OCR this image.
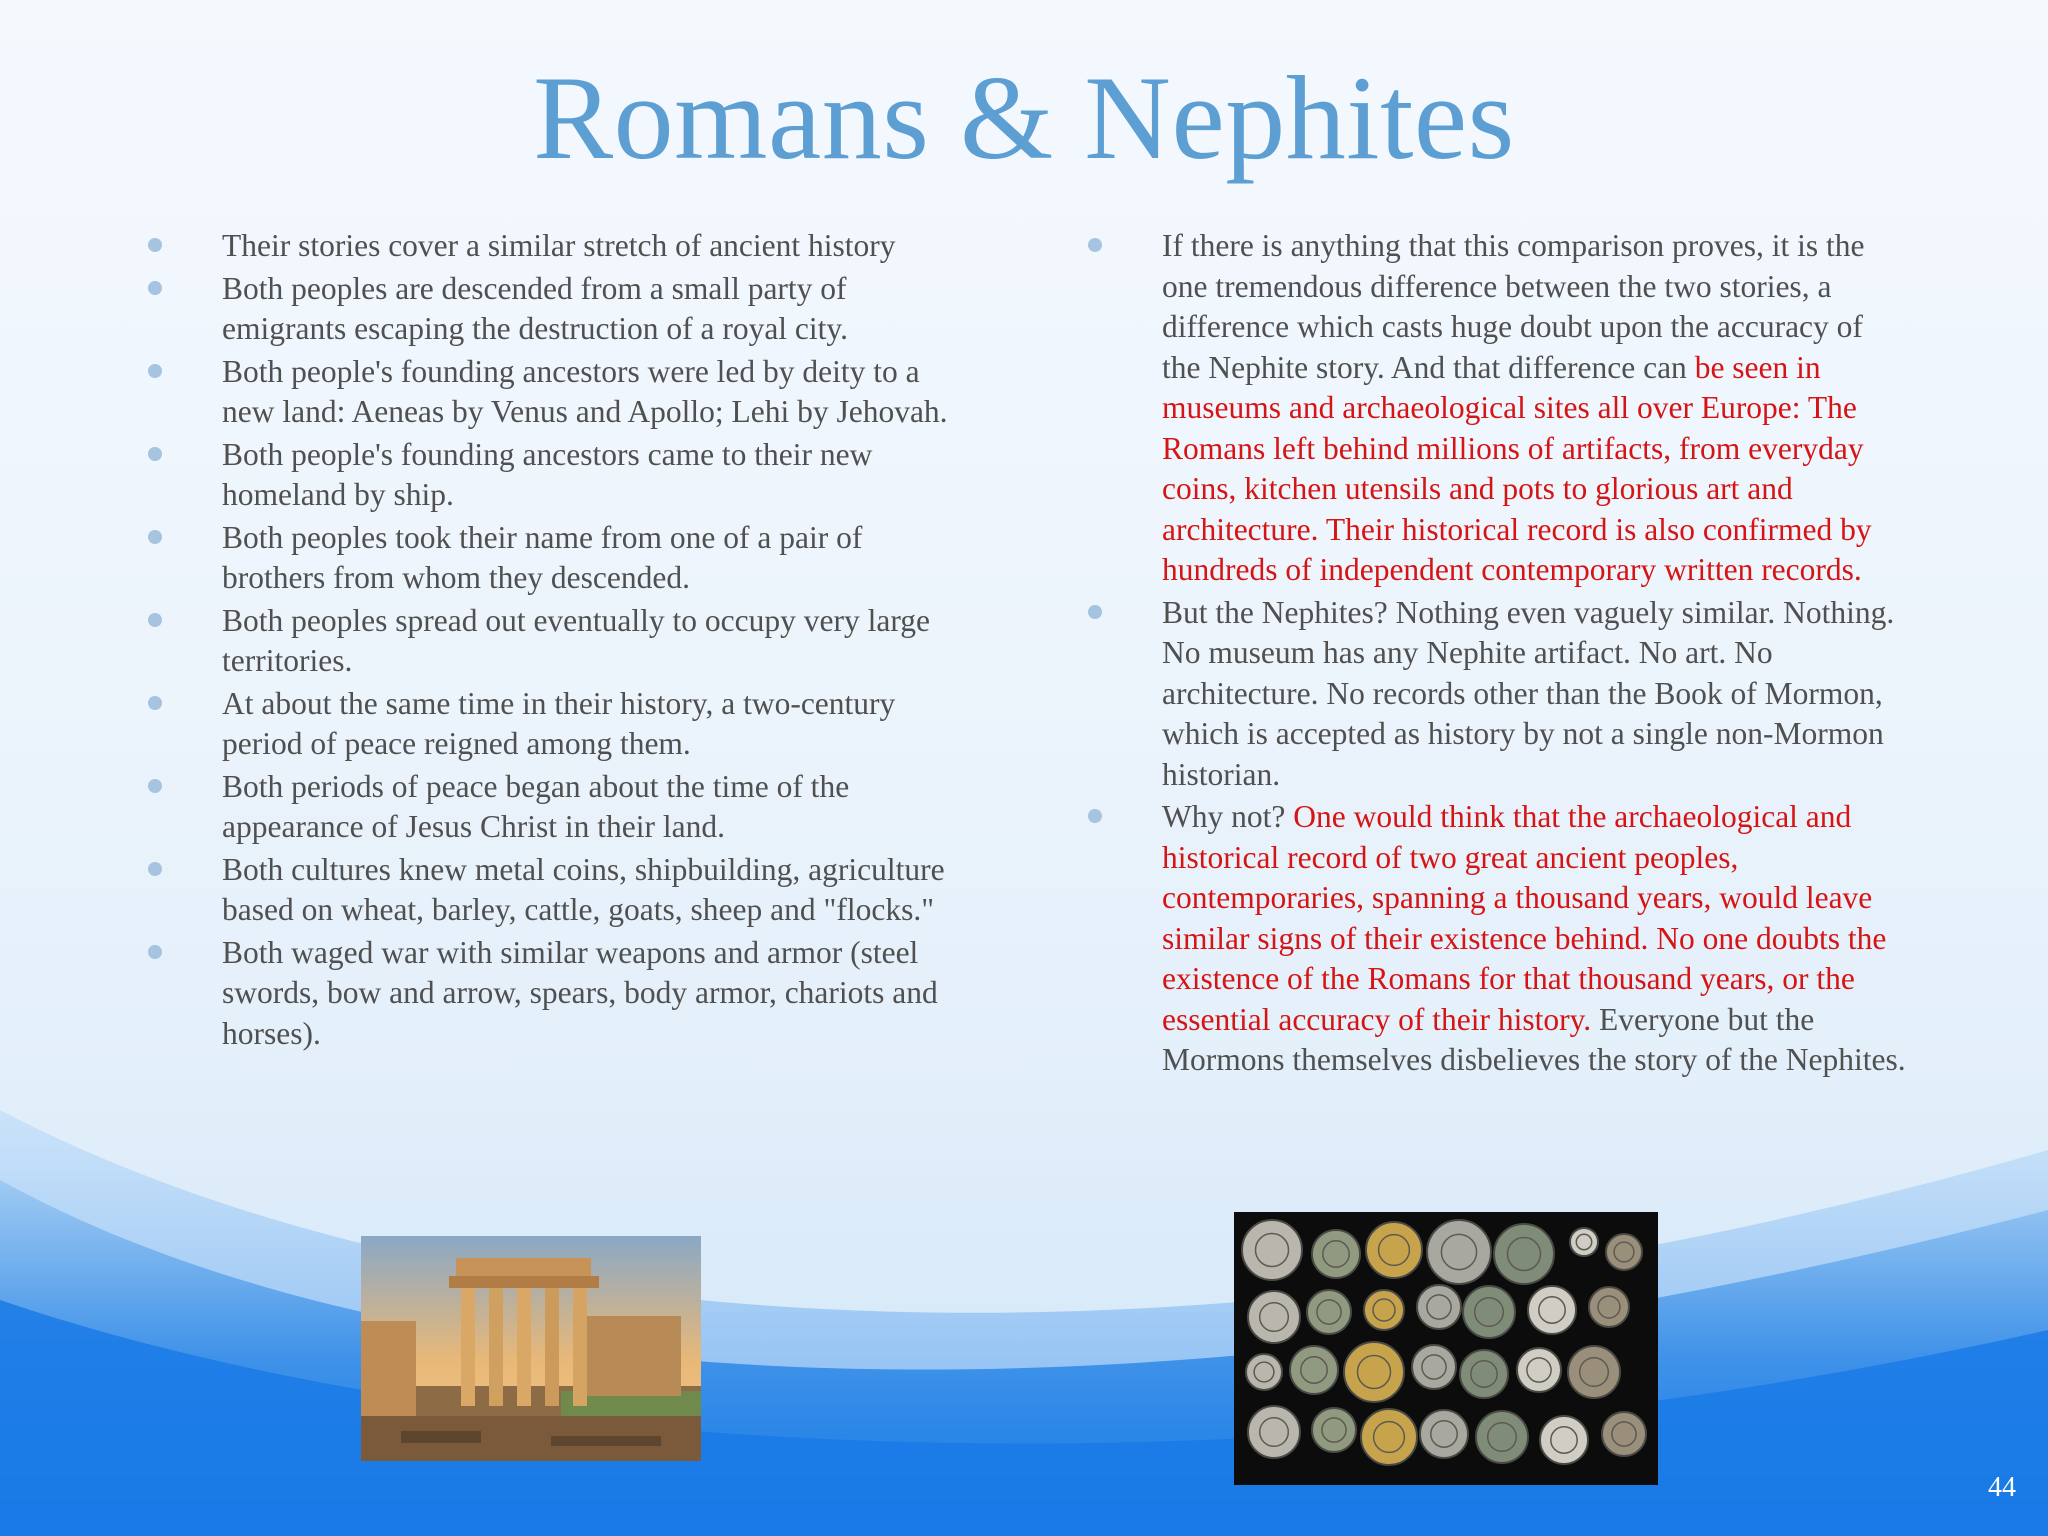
Romans & Nephites
Their stories cover a similar stretch of ancient history
Both peoples are descended from a small party of emigrants escaping the destruction of a royal city.
Both people's founding ancestors were led by deity to a new land: Aeneas by Venus and Apollo; Lehi by Jehovah.
Both people's founding ancestors came to their new homeland by ship.
Both peoples took their name from one of a pair of brothers from whom they descended.
Both peoples spread out eventually to occupy very large territories.
At about the same time in their history, a two-century period of peace reigned among them.
Both periods of peace began about the time of the appearance of Jesus Christ in their land.
Both cultures knew metal coins, shipbuilding, agriculture based on wheat, barley, cattle, goats, sheep and "flocks."
Both waged war with similar weapons and armor (steel swords, bow and arrow, spears, body armor, chariots and horses).
If there is anything that this comparison proves, it is the one tremendous difference between the two stories, a difference which casts huge doubt upon the accuracy of the Nephite story. And that difference can be seen in museums and archaeological sites all over Europe: The Romans left behind millions of artifacts, from everyday coins, kitchen utensils and pots to glorious art and architecture. Their historical record is also confirmed by hundreds of independent contemporary written records.
But the Nephites? Nothing even vaguely similar. Nothing. No museum has any Nephite artifact. No art. No architecture. No records other than the Book of Mormon, which is accepted as history by not a single non-Mormon historian.
Why not? One would think that the archaeological and historical record of two great ancient peoples, contemporaries, spanning a thousand years, would leave similar signs of their existence behind. No one doubts the existence of the Romans for that thousand years, or the essential accuracy of their history. Everyone but the Mormons themselves disbelieves the story of the Nephites.
44
